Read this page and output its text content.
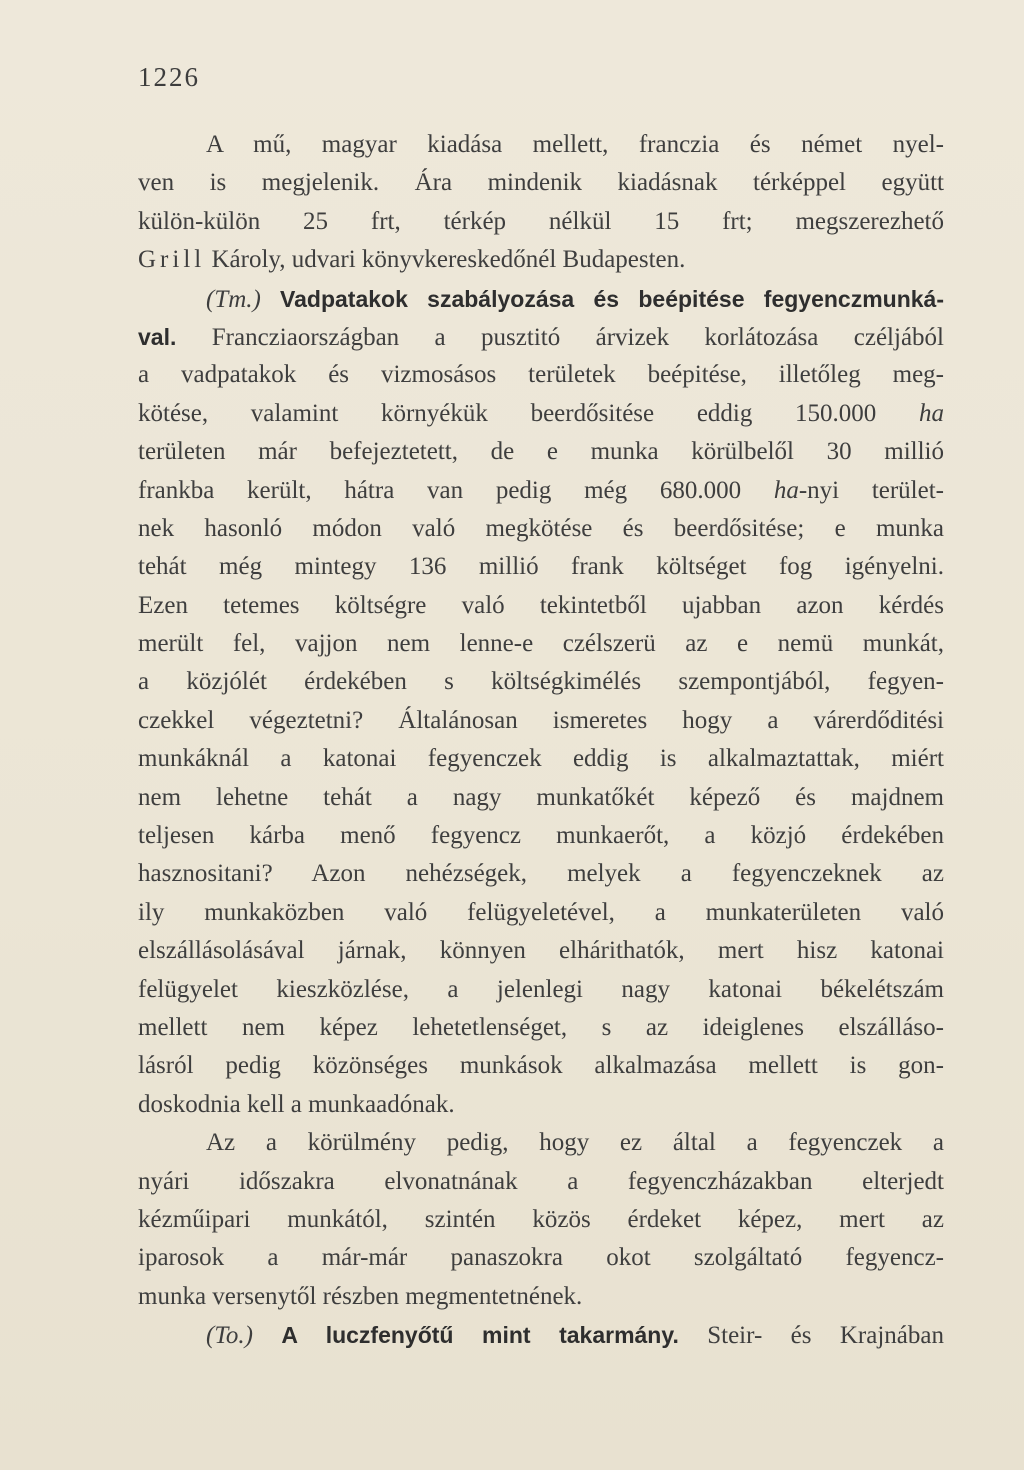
1226
A mű, magyar kiadása mellett, franczia és német nyel-
ven is megjelenik. Ára mindenik kiadásnak térképpel együtt
külön-külön 25 frt, térkép nélkül 15 frt; megszerezhető
Grill Károly, udvari könyvkereskedőnél Budapesten.
(Tm.) Vadpatakok szabályozása és beépitése fegyenczmunká-
val. Francziaországban a pusztitó árvizek korlátozása czéljából
a vadpatakok és vizmosásos területek beépitése, illetőleg meg-
kötése, valamint környékük beerdősitése eddig 150.000 ha
területen már befejeztetett, de e munka körülbelől 30 millió
frankba került, hátra van pedig még 680.000 ha-nyi terület-
nek hasonló módon való megkötése és beerdősitése; e munka
tehát még mintegy 136 millió frank költséget fog igényelni.
Ezen tetemes költségre való tekintetből ujabban azon kérdés
merült fel, vajjon nem lenne-e czélszerü az e nemü munkát,
a közjólét érdekében s költségkimélés szempontjából, fegyen-
czekkel végeztetni? Általánosan ismeretes hogy a várerdőditési
munkáknál a katonai fegyenczek eddig is alkalmaztattak, miért
nem lehetne tehát a nagy munkatőkét képező és majdnem
teljesen kárba menő fegyencz munkaerőt, a közjó érdekében
hasznositani? Azon nehézségek, melyek a fegyenczeknek az
ily munkaközben való felügyeletével, a munkaterületen való
elszállásolásával járnak, könnyen elhárithatók, mert hisz katonai
felügyelet kieszközlése, a jelenlegi nagy katonai békelétszám
mellett nem képez lehetetlenséget, s az ideiglenes elszálláso-
lásról pedig közönséges munkások alkalmazása mellett is gon-
doskodnia kell a munkaadónak.
Az a körülmény pedig, hogy ez által a fegyenczek a
nyári időszakra elvonatnának a fegyenczházakban elterjedt
kézműipari munkától, szintén közös érdeket képez, mert az
iparosok a már-már panaszokra okot szolgáltató fegyencz-
munka versenytől részben megmentetnének.
(To.) A luczfenyőtű mint takarmány. Steir- és Krajnában
